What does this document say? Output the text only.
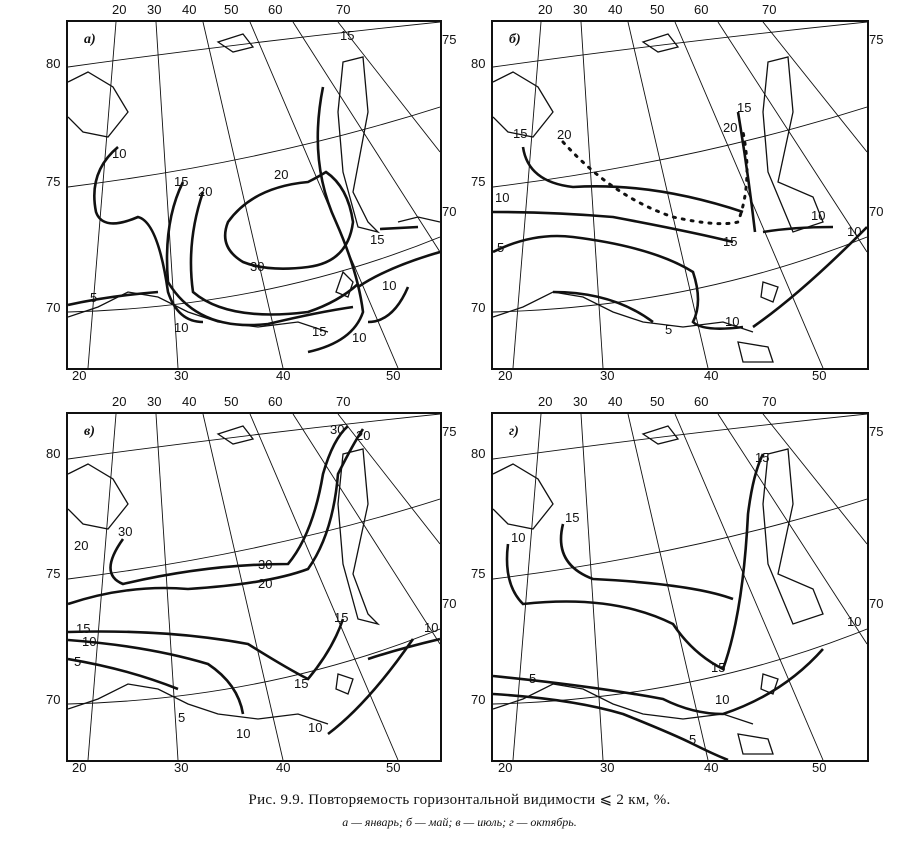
а)
5
10
10
15
15
20
20
30
15
10
15 10
б)
10
15 20
10
5
5
10
15
15
20
10
в)
20
30
15
10
5
30
20
15
5
10
15
10
30 20
10
г)
10
15
5
15
10
5
15
10
20 30 40 50 60	70	20 30 40 50 60	70
80
75
70
80
75
70
75
70
75
70
20	30	40	50	20	30	40	50
20 30 40 50 60	70	20 30 40 50 60	70
80
75
70
80
75
70
75
70
75
70
20	30	40	50	20	30	40	50
Рис. 9.9. Повторяемость горизонтальной видимости ⩽ 2 км, %.
а — январь; б — май; в — июль; г — октябрь.
